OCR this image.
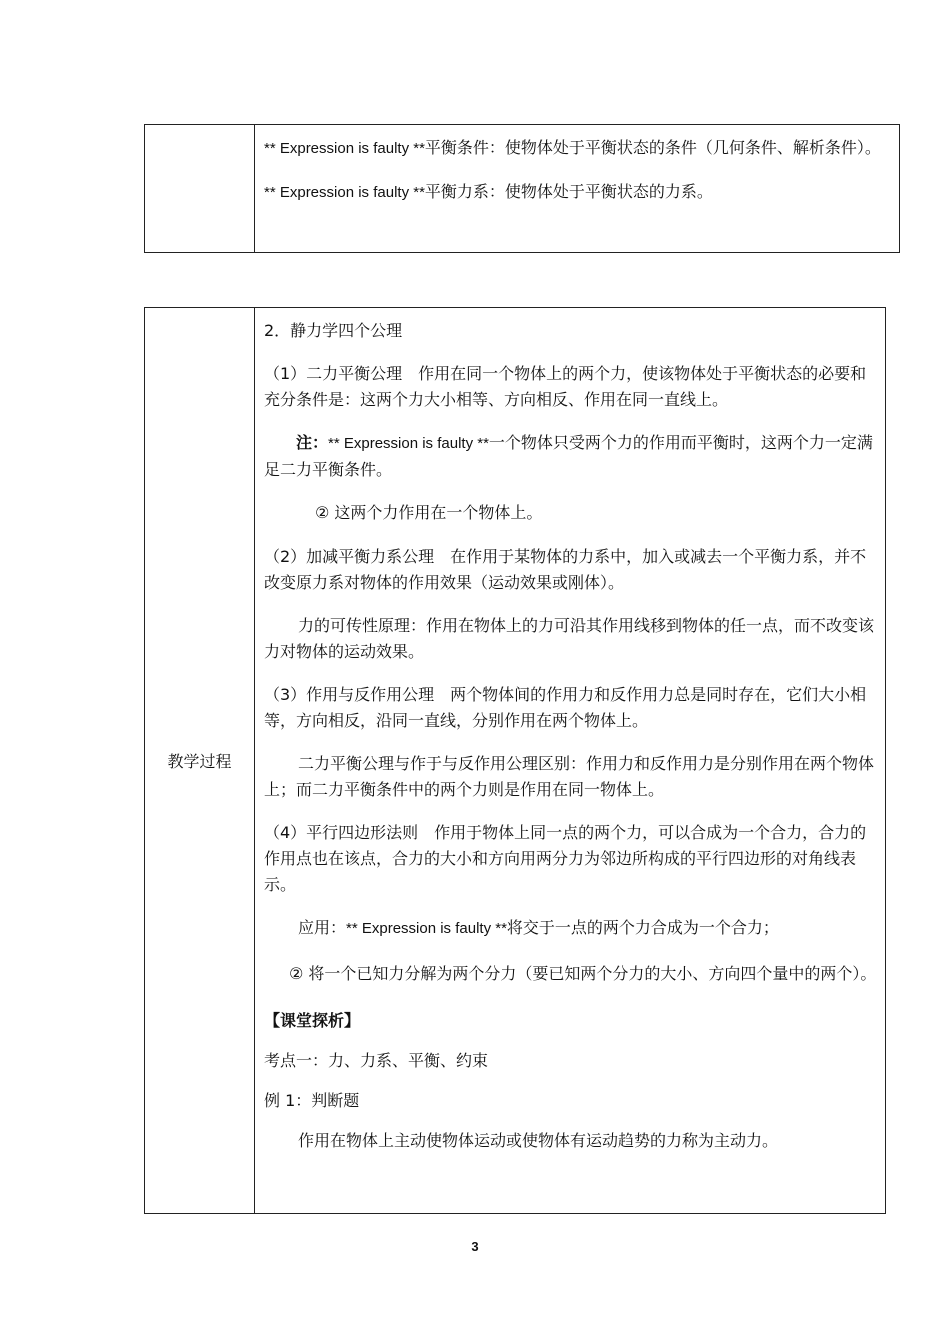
** Expression is faulty **平衡条件：使物体处于平衡状态的条件（几何条件、解析条件）。

** Expression is faulty **平衡力系：使物体处于平衡状态的力系。

教学过程

2．静力学四个公理

（1）二力平衡公理　作用在同一个物体上的两个力，使该物体处于平衡状态的必要和充分条件是：这两个力大小相等、方向相反、作用在同一直线上。

注：** Expression is faulty **一个物体只受两个力的作用而平衡时，这两个力一定满足二力平衡条件。

② 这两个力作用在一个物体上。

（2）加减平衡力系公理　在作用于某物体的力系中，加入或减去一个平衡力系，并不改变原力系对物体的作用效果（运动效果或刚体）。

力的可传性原理：作用在物体上的力可沿其作用线移到物体的任一点，而不改变该力对物体的运动效果。

（3）作用与反作用公理　两个物体间的作用力和反作用力总是同时存在，它们大小相等，方向相反，沿同一直线，分别作用在两个物体上。

二力平衡公理与作于与反作用公理区别：作用力和反作用力是分别作用在两个物体上；而二力平衡条件中的两个力则是作用在同一物体上。

（4）平行四边形法则　作用于物体上同一点的两个力，可以合成为一个合力，合力的作用点也在该点，合力的大小和方向用两分力为邻边所构成的平行四边形的对角线表示。

应用：** Expression is faulty **将交于一点的两个力合成为一个合力；

② 将一个已知力分解为两个分力（要已知两个分力的大小、方向四个量中的两个）。

【课堂探析】

考点一：力、力系、平衡、约束

例 1：判断题

作用在物体上主动使物体运动或使物体有运动趋势的力称为主动力。

3
